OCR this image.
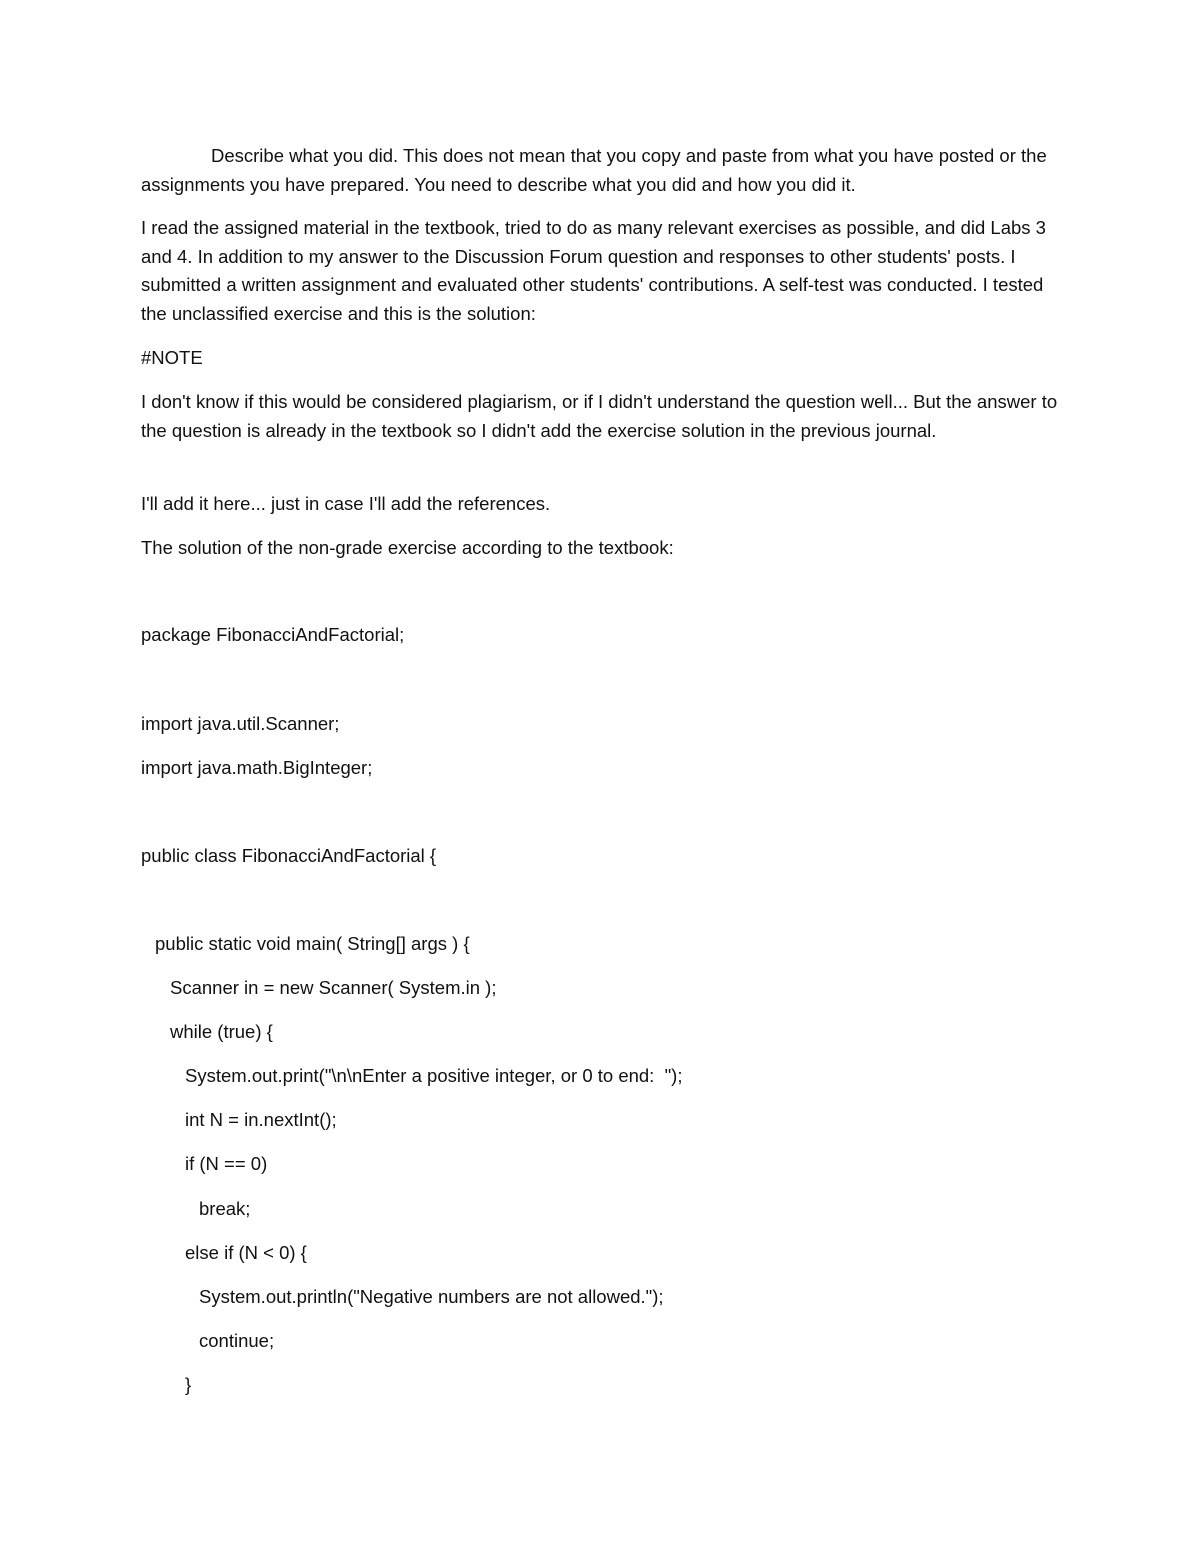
Describe what you did. This does not mean that you copy and paste from what you have posted or the assignments you have prepared. You need to describe what you did and how you did it.

I read the assigned material in the textbook, tried to do as many relevant exercises as possible, and did Labs 3 and 4. In addition to my answer to the Discussion Forum question and responses to other students' posts. I submitted a written assignment and evaluated other students' contributions. A self-test was conducted. I tested the unclassified exercise and this is the solution:

#NOTE

I don't know if this would be considered plagiarism, or if I didn't understand the question well... But the answer to the question is already in the textbook so I didn't add the exercise solution in the previous journal.

I'll add it here... just in case I'll add the references.

The solution of the non-grade exercise according to the textbook:

package FibonacciAndFactorial;

import java.util.Scanner;

import java.math.BigInteger;

public class FibonacciAndFactorial {

public static void main( String[] args ) {

Scanner in = new Scanner( System.in );

while (true) {

System.out.print("\n\nEnter a positive integer, or 0 to end:  ");

int N = in.nextInt();

if (N == 0)

break;

else if (N < 0) {

System.out.println("Negative numbers are not allowed.");

continue;

}
